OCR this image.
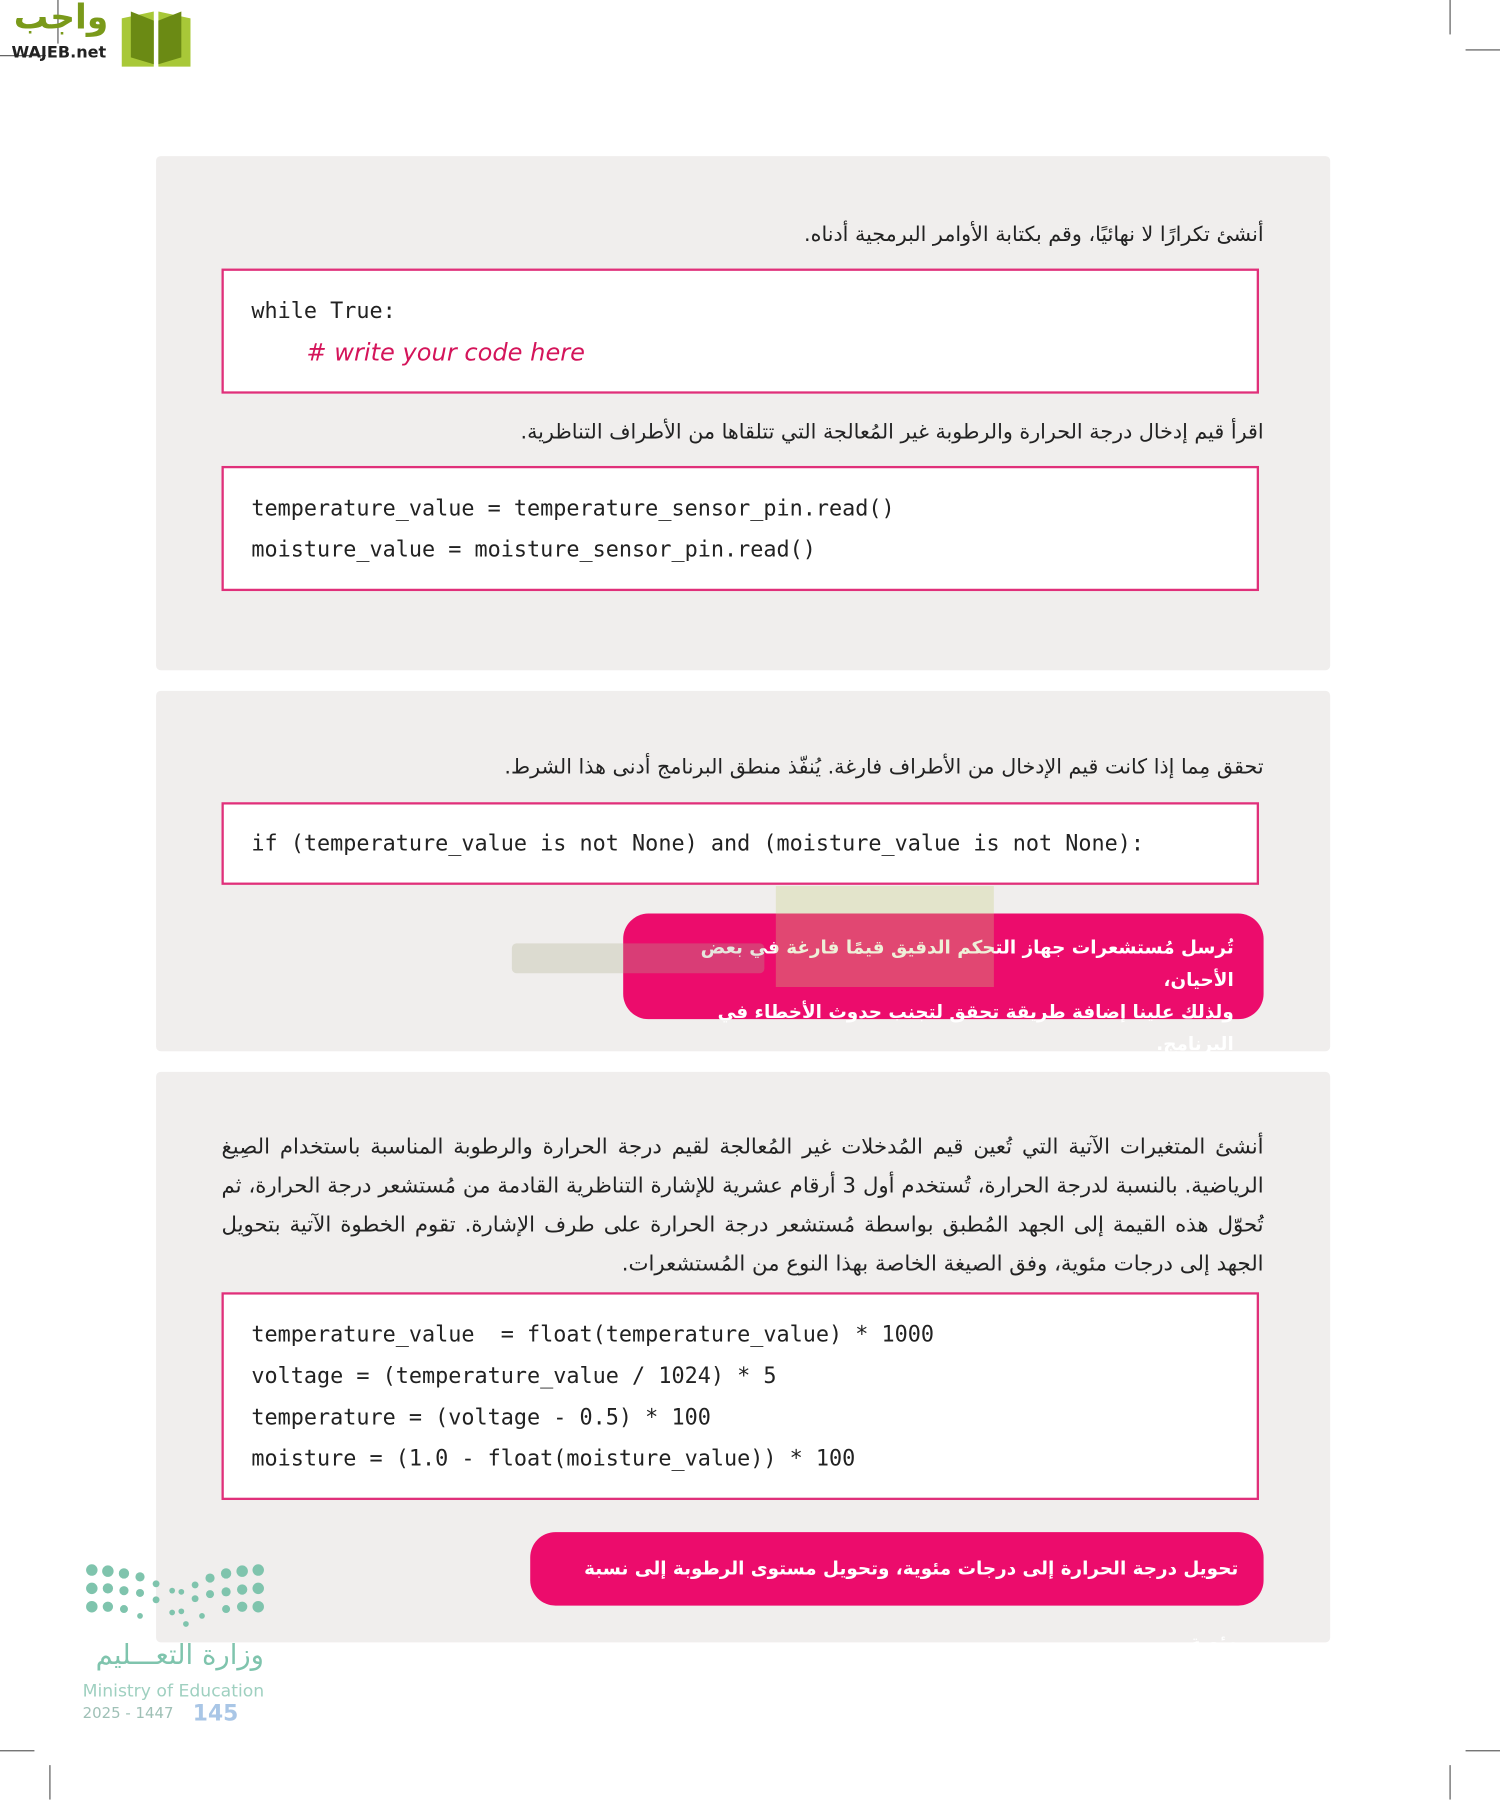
واجب
WAJEB.net
أنشئ تكرارًا لا نهائيًا، وقم بكتابة الأوامر البرمجية أدناه.
while True:
# write your code here
اقرأ قيم إدخال درجة الحرارة والرطوبة غير المُعالجة التي تتلقاها من الأطراف التناظرية.
temperature_value = temperature_sensor_pin.read()
moisture_value = moisture_sensor_pin.read()
تحقق مِما إذا كانت قيم الإدخال من الأطراف فارغة. يُنفّذ منطق البرنامج أدنى هذا الشرط.
if (temperature_value is not None) and (moisture_value is not None):
تُرسل مُستشعرات جهاز التحكم الدقيق قيمًا فارغة في بعض الأحيان،
ولذلك علينا إضافة طريقة تحقق لتجنب حدوث الأخطاء في البرنامج.
أنشئ المتغيرات الآتية التي تُعين قيم المُدخلات غير المُعالجة لقيم درجة الحرارة والرطوبة المناسبة باستخدام الصِيغ الرياضية. بالنسبة لدرجة الحرارة، تُستخدم أول 3 أرقام عشرية للإشارة التناظرية القادمة من مُستشعر درجة الحرارة، ثم تُحوّل هذه القيمة إلى الجهد المُطبق بواسطة مُستشعر درجة الحرارة على طرف الإشارة. تقوم الخطوة الآتية بتحويل الجهد إلى درجات مئوية، وفق الصيغة الخاصة بهذا النوع من المُستشعرات.
temperature_value  = float(temperature_value) * 1000
voltage = (temperature_value / 1024) * 5
temperature = (voltage - 0.5) * 100
moisture = (1.0 - float(moisture_value)) * 100
تحويل درجة الحرارة إلى درجات مئوية، وتحويل مستوى الرطوبة إلى نسبة مئوية.
وزارة التعـــليم
Ministry of Education
2025 - 1447 145
